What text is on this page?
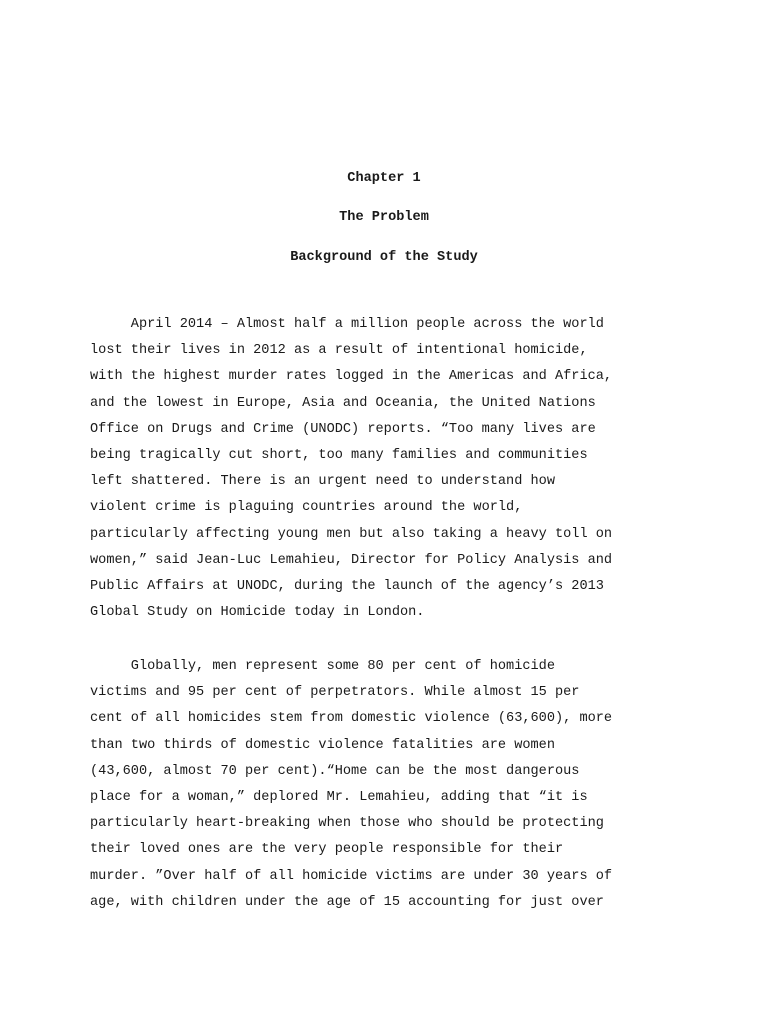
Chapter 1
The Problem
Background of the Study
April 2014 – Almost half a million people across the world
lost their lives in 2012 as a result of intentional homicide,
with the highest murder rates logged in the Americas and Africa,
and the lowest in Europe, Asia and Oceania, the United Nations
Office on Drugs and Crime (UNODC) reports. “Too many lives are
being tragically cut short, too many families and communities
left shattered. There is an urgent need to understand how
violent crime is plaguing countries around the world,
particularly affecting young men but also taking a heavy toll on
women,” said Jean-Luc Lemahieu, Director for Policy Analysis and
Public Affairs at UNODC, during the launch of the agency’s 2013
Global Study on Homicide today in London.
Globally, men represent some 80 per cent of homicide
victims and 95 per cent of perpetrators. While almost 15 per
cent of all homicides stem from domestic violence (63,600), more
than two thirds of domestic violence fatalities are women
(43,600, almost 70 per cent).“Home can be the most dangerous
place for a woman,” deplored Mr. Lemahieu, adding that “it is
particularly heart-breaking when those who should be protecting
their loved ones are the very people responsible for their
murder. ”Over half of all homicide victims are under 30 years of
age, with children under the age of 15 accounting for just over
